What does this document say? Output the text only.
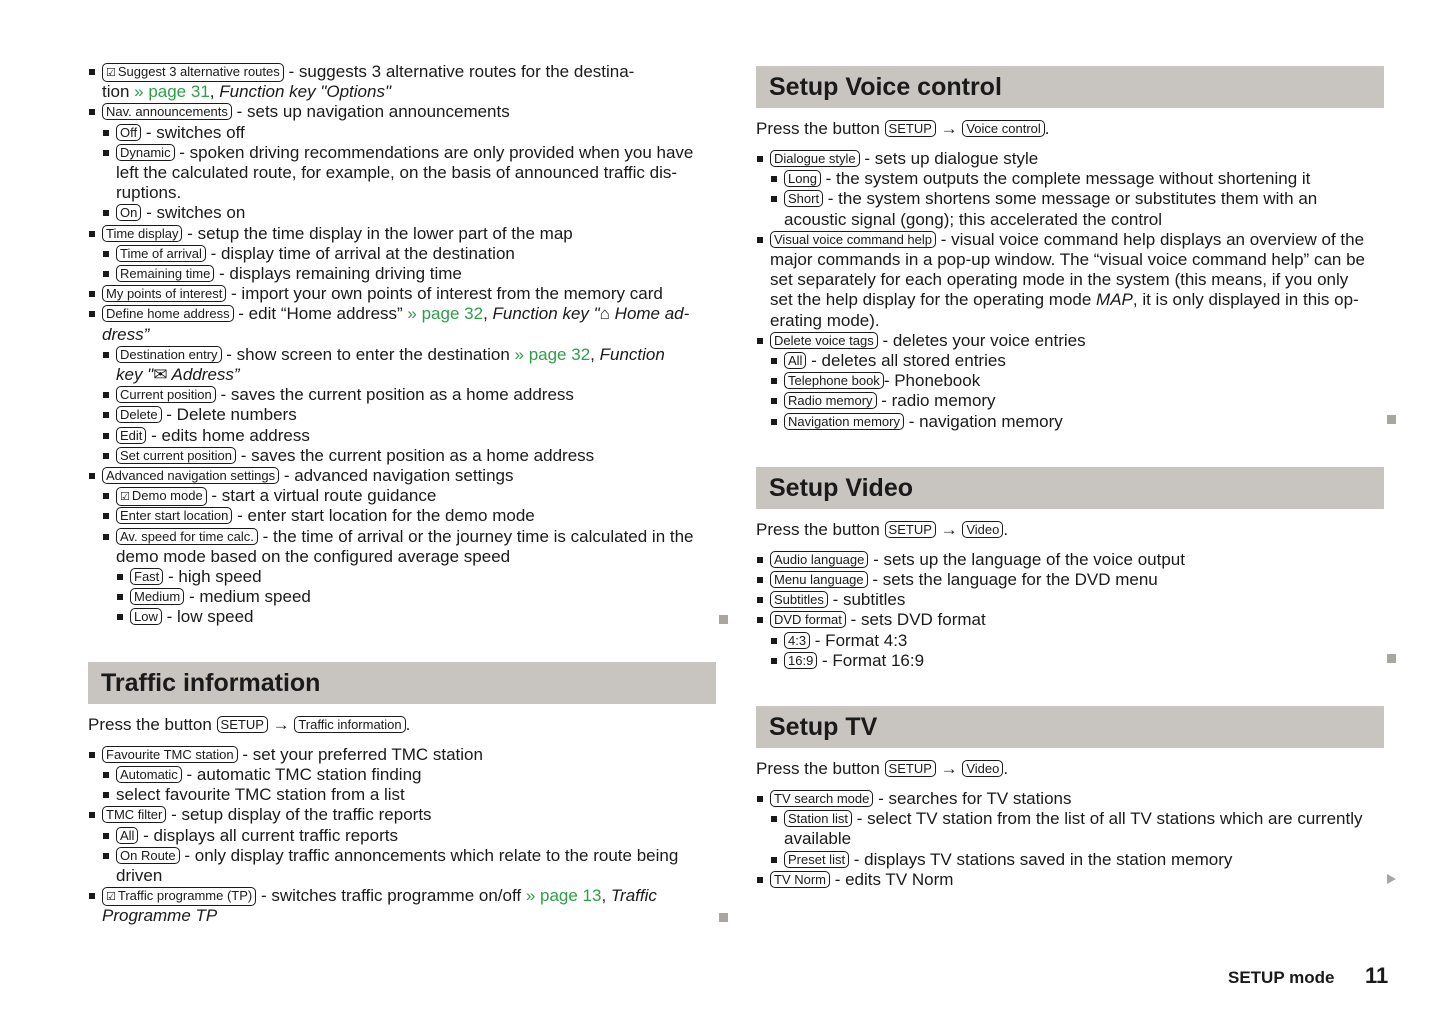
☑ Suggest 3 alternative routes - suggests 3 alternative routes for the destina-
tion » page 31, Function key "Options"
Nav. announcements - sets up navigation announcements
Off - switches off
Dynamic - spoken driving recommendations are only provided when you have
left the calculated route, for example, on the basis of announced traffic dis-
ruptions.
On - switches on
Time display - setup the time display in the lower part of the map
Time of arrival - display time of arrival at the destination
Remaining time - displays remaining driving time
My points of interest - import your own points of interest from the memory card
Define home address - edit “Home address” » page 32, Function key "⌂ Home ad-
dress”
Destination entry - show screen to enter the destination » page 32, Function
key "✉ Address”
Current position - saves the current position as a home address
Delete - Delete numbers
Edit - edits home address
Set current position - saves the current position as a home address
Advanced navigation settings - advanced navigation settings
☑ Demo mode - start a virtual route guidance
Enter start location - enter start location for the demo mode
Av. speed for time calc. - the time of arrival or the journey time is calculated in the
demo mode based on the configured average speed
Fast - high speed
Medium - medium speed
Low - low speed
Traffic information
Press the button SETUP → Traffic information .
Favourite TMC station - set your preferred TMC station
Automatic - automatic TMC station finding
select favourite TMC station from a list
TMC filter - setup display of the traffic reports
All - displays all current traffic reports
On Route - only display traffic annoncements which relate to the route being
driven
☑ Traffic programme (TP) - switches traffic programme on/off » page 13, Traffic
Programme TP
Setup Voice control
Press the button SETUP → Voice control .
Dialogue style - sets up dialogue style
Long - the system outputs the complete message without shortening it
Short - the system shortens some message or substitutes them with an
acoustic signal (gong); this accelerated the control
Visual voice command help - visual voice command help displays an overview of the
major commands in a pop-up window. The “visual voice command help” can be
set separately for each operating mode in the system (this means, if you only
set the help display for the operating mode MAP, it is only displayed in this op-
erating mode).
Delete voice tags - deletes your voice entries
All - deletes all stored entries
Telephone book - Phonebook
Radio memory - radio memory
Navigation memory - navigation memory
Setup Video
Press the button SETUP → Video .
Audio language - sets up the language of the voice output
Menu language - sets the language for the DVD menu
Subtitles - subtitles
DVD format - sets DVD format
4:3 - Format 4:3
16:9 - Format 16:9
Setup TV
Press the button SETUP → Video .
TV search mode - searches for TV stations
Station list - select TV station from the list of all TV stations which are currently
available
Preset list - displays TV stations saved in the station memory
TV Norm - edits TV Norm
SETUP mode 11
